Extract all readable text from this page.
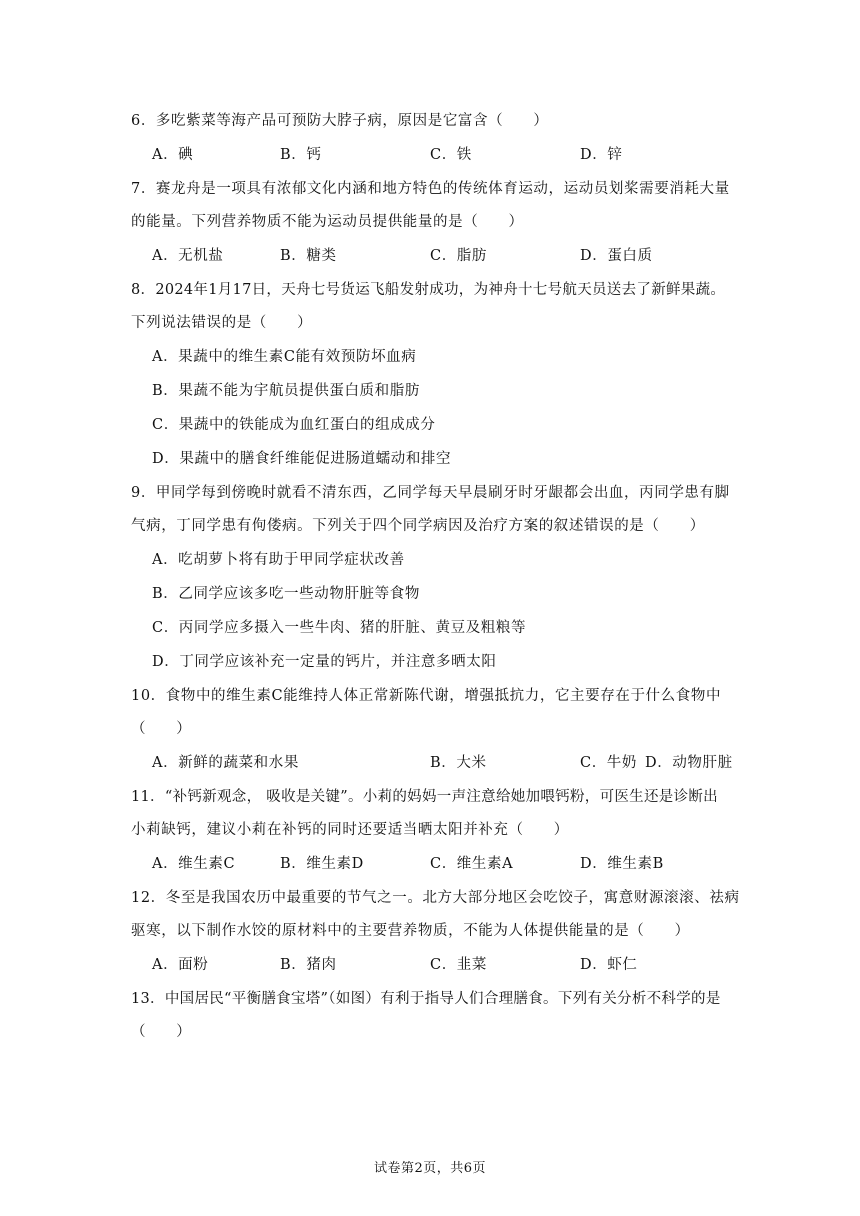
6．多吃紫菜等海产品可预防大脖子病，原因是它富含（　　）
A．碘	B．钙	C．铁	D．锌
7．赛龙舟是一项具有浓郁文化内涵和地方特色的传统体育运动，运动员划桨需要消耗大量
的能量。下列营养物质不能为运动员提供能量的是（　　）
A．无机盐	B．糖类	C．脂肪	D．蛋白质
8．2024年1月17日，天舟七号货运飞船发射成功，为神舟十七号航天员送去了新鲜果蔬。
下列说法错误的是（　　）
A．果蔬中的维生素C能有效预防坏血病
B．果蔬不能为宇航员提供蛋白质和脂肪
C．果蔬中的铁能成为血红蛋白的组成成分
D．果蔬中的膳食纤维能促进肠道蠕动和排空
9．甲同学每到傍晚时就看不清东西，乙同学每天早晨刷牙时牙龈都会出血，丙同学患有脚
气病，丁同学患有佝偻病。下列关于四个同学病因及治疗方案的叙述错误的是（　　）
A．吃胡萝卜将有助于甲同学症状改善
B．乙同学应该多吃一些动物肝脏等食物
C．丙同学应多摄入一些牛肉、猪的肝脏、黄豆及粗粮等
D．丁同学应该补充一定量的钙片，并注意多晒太阳
10．食物中的维生素C能维持人体正常新陈代谢，增强抵抗力，它主要存在于什么食物中
（　　）
A．新鲜的蔬菜和水果	B．大米	C．牛奶 D．动物肝脏
11．“补钙新观念， 吸收是关键”。小莉的妈妈一声注意给她加喂钙粉，可医生还是诊断出
小莉缺钙，建议小莉在补钙的同时还要适当晒太阳并补充（　　）
A．维生素C	B．维生素D	C．维生素A	D．维生素B
12．冬至是我国农历中最重要的节气之一。北方大部分地区会吃饺子，寓意财源滚滚、祛病
驱寒，以下制作水饺的原材料中的主要营养物质，不能为人体提供能量的是（　　）
A．面粉	B．猪肉	C．韭菜	D．虾仁
13．中国居民“平衡膳食宝塔”（如图）有利于指导人们合理膳食。下列有关分析不科学的是
（　　）
试卷第2页，共6页
